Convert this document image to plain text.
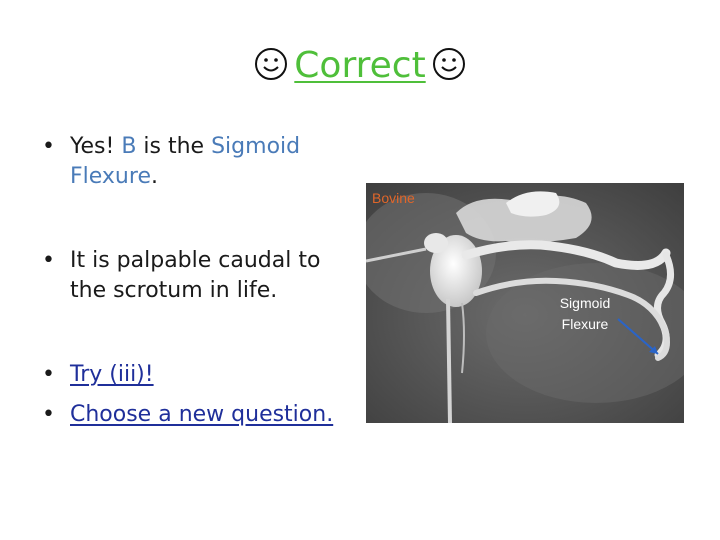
Correct
• Yes! B is the Sigmoid Flexure.
• It is palpable caudal to the scrotum in life.
• Try (iii)!
• Choose a new question.
Bovine
Sigmoid
Flexure
